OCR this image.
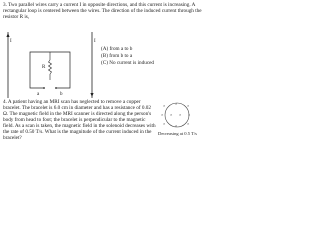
3. Two parallel wires carry a current I in opposite directions, and this current is increasing. A
rectangular loop is centered between the wires. The direction of the induced current through the
resistor R is,
I	I
R
a	b
(A) from a to b
(B) from b to a
(C) No current is induced
4. A patient having an MRI scan has neglected to remove a copper
bracelet. The bracelet is 6.0 cm in diameter and has a resistance of 0.02
Ω. The magnetic field in the MRI scanner is directed along the person's
body from head to foot; the bracelet is perpendicular to the magnetic
field. As a scan is taken, the magnetic field in the solenoid decreases with
the rate of 0.50 T/s. What is the magnitude of the current induced in the
bracelet?
× × ×
× × × ×
× × ×
Decreasing at 0.5 T/s
